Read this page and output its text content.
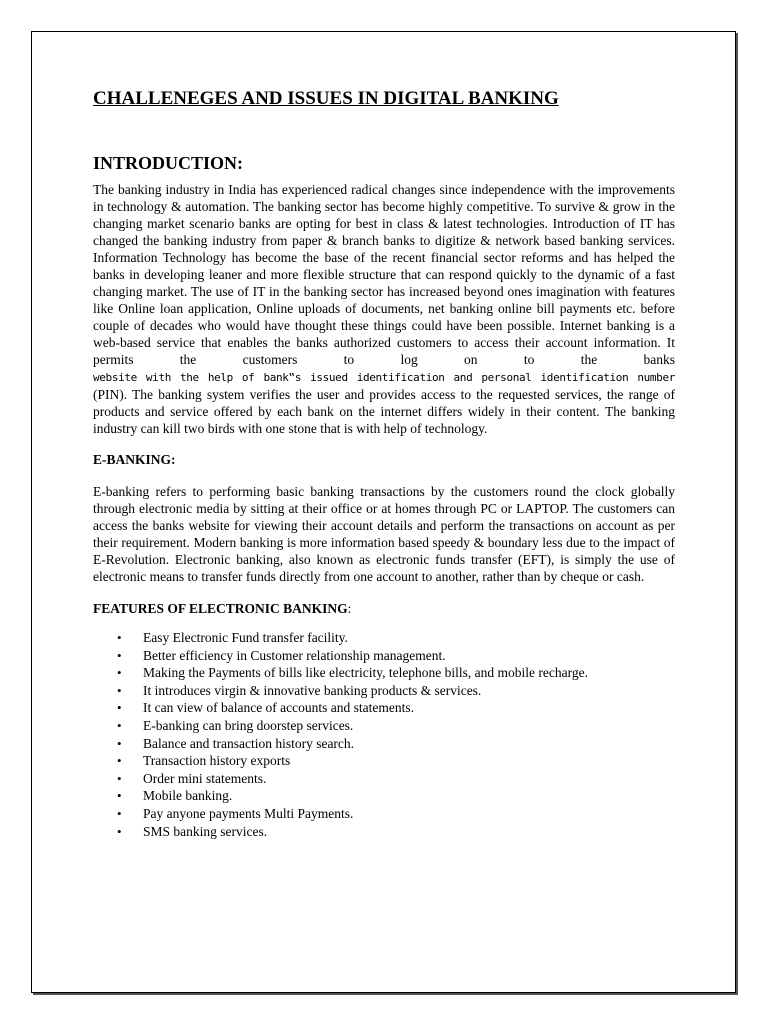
CHALLENEGES AND ISSUES IN DIGITAL BANKING
INTRODUCTION:

The banking industry in India has experienced radical changes since independence with the improvements in technology & automation. The banking sector has become highly competitive. To survive & grow in the changing market scenario banks are opting for best in class & latest technologies. Introduction of IT has changed the banking industry from paper & branch banks to digitize & network based banking services. Information Technology has become the base of the recent financial sector reforms and has helped the banks in developing leaner and more flexible structure that can respond quickly to the dynamic of a fast changing market. The use of IT in the banking sector has increased beyond ones imagination with features like Online loan application, Online uploads of documents, net banking online bill payments etc. before couple of decades who would have thought these things could have been possible. Internet banking is a web-based service that enables the banks authorized customers to access their account information. It permits the customers to log on to the banks website with the help of bank‟s issued identification and personal identification number (PIN). The banking system verifies the user and provides access to the requested services, the range of products and service offered by each bank on the internet differs widely in their content. The banking industry can kill two birds with one stone that is with help of technology.

E-BANKING:

E-banking refers to performing basic banking transactions by the customers round the clock globally through electronic media by sitting at their office or at homes through PC or LAPTOP. The customers can access the banks website for viewing their account details and perform the transactions on account as per their requirement. Modern banking is more information based speedy & boundary less due to the impact of E-Revolution. Electronic banking, also known as electronic funds transfer (EFT), is simply the use of electronic means to transfer funds directly from one account to another, rather than by cheque or cash.

FEATURES OF ELECTRONIC BANKING:
• Easy Electronic Fund transfer facility.
• Better efficiency in Customer relationship management.
• Making the Payments of bills like electricity, telephone bills, and mobile recharge.
• It introduces virgin & innovative banking products & services.
• It can view of balance of accounts and statements.
• E-banking can bring doorstep services.
• Balance and transaction history search.
• Transaction history exports
• Order mini statements.
• Mobile banking.
• Pay anyone payments Multi Payments.
• SMS banking services.
